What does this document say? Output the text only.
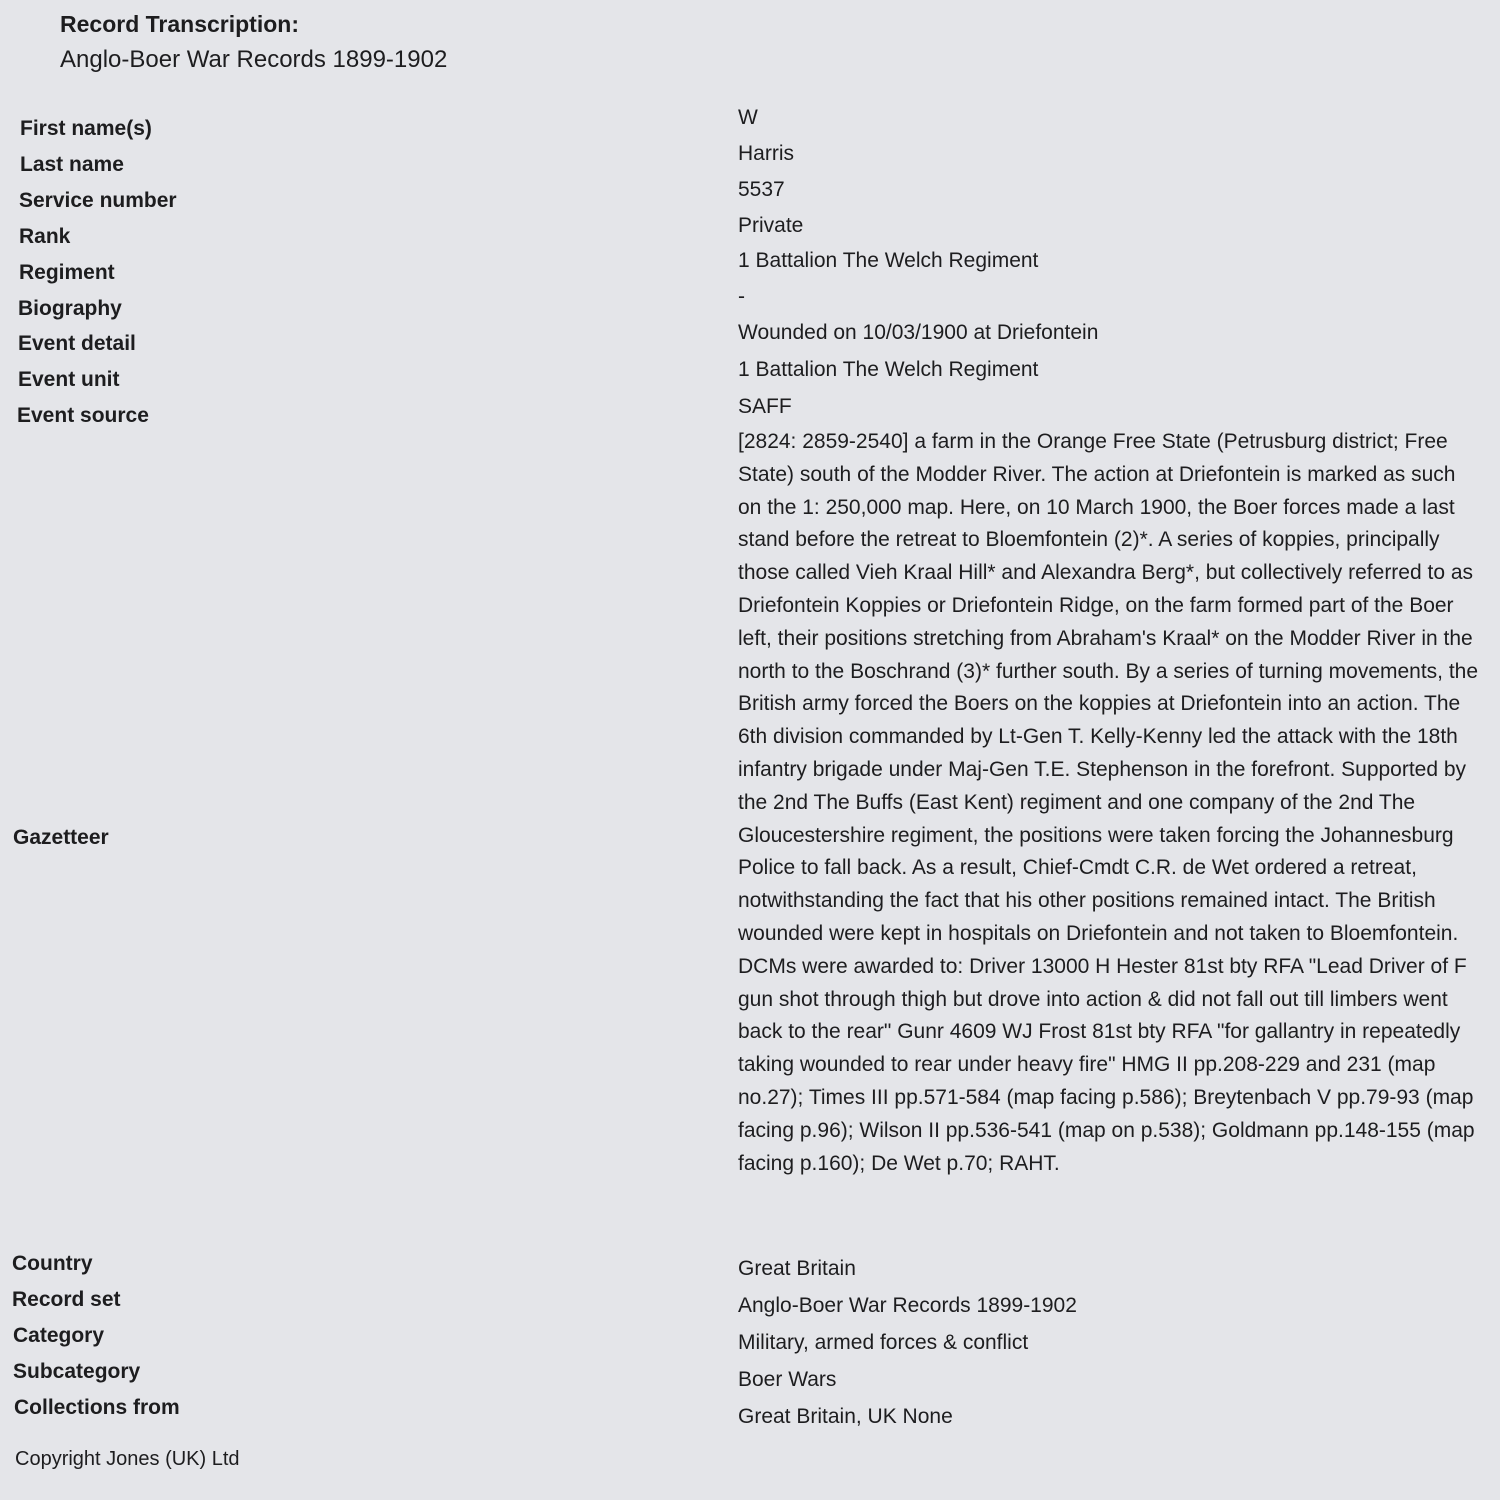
Record Transcription:
Anglo-Boer War Records 1899-1902
First name(s)
Last name
Service number
Rank
Regiment
Biography
Event detail
Event unit
Event source
Gazetteer
Country
Record set
Category
Subcategory
Collections from
W
Harris
5537
Private
1 Battalion The Welch Regiment
-
Wounded on 10/03/1900 at Driefontein
1 Battalion The Welch Regiment
SAFF
[2824: 2859-2540] a farm in the Orange Free State (Petrusburg district; Free State) south of the Modder River. The action at Driefontein is marked as such on the 1: 250,000 map. Here, on 10 March 1900, the Boer forces made a last stand before the retreat to Bloemfontein (2)*. A series of koppies, principally those called Vieh Kraal Hill* and Alexandra Berg*, but collectively referred to as Driefontein Koppies or Driefontein Ridge, on the farm formed part of the Boer left, their positions stretching from Abraham's Kraal* on the Modder River in the north to the Boschrand (3)* further south. By a series of turning movements, the British army forced the Boers on the koppies at Driefontein into an action. The 6th division commanded by Lt-Gen T. Kelly-Kenny led the attack with the 18th infantry brigade under Maj-Gen T.E. Stephenson in the forefront. Supported by the 2nd The Buffs (East Kent) regiment and one company of the 2nd The Gloucestershire regiment, the positions were taken forcing the Johannesburg Police to fall back. As a result, Chief-Cmdt C.R. de Wet ordered a retreat, notwithstanding the fact that his other positions remained intact. The British wounded were kept in hospitals on Driefontein and not taken to Bloemfontein. DCMs were awarded to: Driver 13000 H Hester 81st bty RFA "Lead Driver of F gun shot through thigh but drove into action & did not fall out till limbers went back to the rear" Gunr 4609 WJ Frost 81st bty RFA "for gallantry in repeatedly taking wounded to rear under heavy fire" HMG II pp.208-229 and 231 (map no.27); Times III pp.571-584 (map facing p.586); Breytenbach V pp.79-93 (map facing p.96); Wilson II pp.536-541 (map on p.538); Goldmann pp.148-155 (map facing p.160); De Wet p.70; RAHT.
Great Britain
Anglo-Boer War Records 1899-1902
Military, armed forces & conflict
Boer Wars
Great Britain, UK None
Copyright Jones (UK) Ltd
